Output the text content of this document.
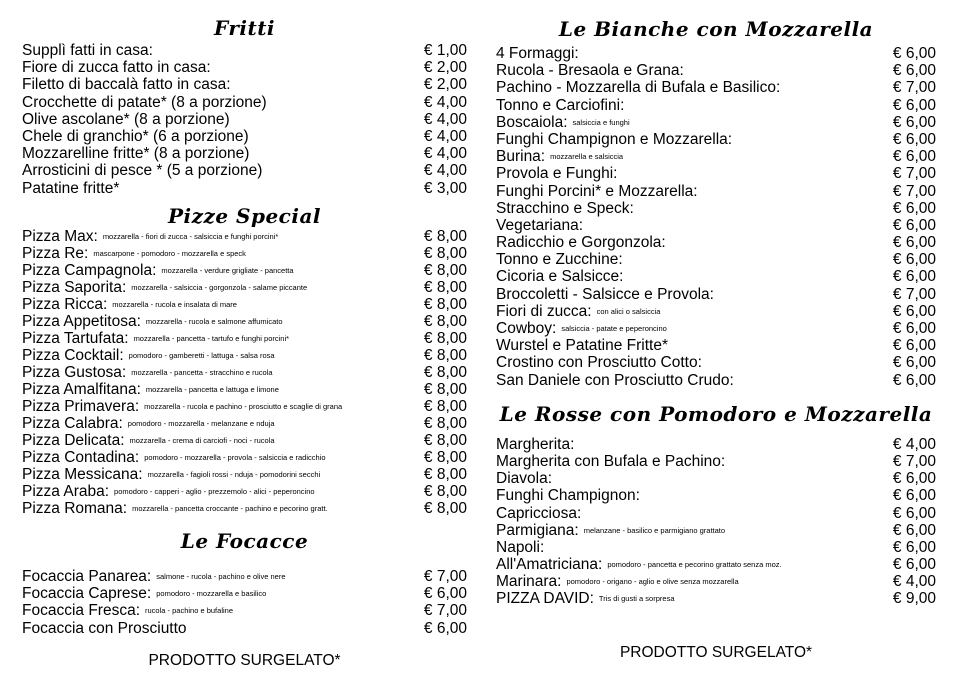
Fritti
Supplì fatti in casa:	€ 1,00
Fiore di zucca fatto in casa:	€ 2,00
Filetto di baccalà fatto in casa:	€ 2,00
Crocchette di patate* (8 a porzione)	€ 4,00
Olive ascolane* (8 a porzione)	€ 4,00
Chele di granchio* (6 a porzione)	€ 4,00
Mozzarelline fritte* (8 a porzione)	€ 4,00
Arrosticini di pesce * (5 a porzione)	€ 4,00
Patatine fritte*	€ 3,00
Pizze Special
Pizza Max: mozzarella - fiori di zucca - salsiccia e funghi porcini*	€ 8,00
Pizza Re: mascarpone - pomodoro - mozzarella e speck	€ 8,00
Pizza Campagnola: mozzarella - verdure grigliate - pancetta	€ 8,00
Pizza Saporita: mozzarella - salsiccia - gorgonzola - salame piccante	€ 8,00
Pizza Ricca: mozzarella - rucola e insalata di mare	€ 8,00
Pizza Appetitosa: mozzarella - rucola e salmone affumicato	€ 8,00
Pizza Tartufata: mozzarella - pancetta - tartufo e funghi porcini*	€ 8,00
Pizza Cocktail: pomodoro - gamberetti - lattuga - salsa rosa	€ 8,00
Pizza Gustosa: mozzarella - pancetta - stracchino e rucola	€ 8,00
Pizza Amalfitana: mozzarella - pancetta e lattuga e limone	€ 8,00
Pizza Primavera: mozzarella - rucola e pachino - prosciutto e scaglie di grana	€ 8,00
Pizza Calabra: pomodoro - mozzarella - melanzane e nduja	€ 8,00
Pizza Delicata: mozzarella - crema di carciofi - noci - rucola	€ 8,00
Pizza Contadina: pomodoro - mozzarella - provola - salsiccia e radicchio	€ 8,00
Pizza Messicana: mozzarella - fagioli rossi - nduja - pomodorini secchi	€ 8,00
Pizza Araba: pomodoro - capperi - aglio - prezzemolo - alici - peperoncino	€ 8,00
Pizza Romana: mozzarella - pancetta croccante - pachino e pecorino gratt.	€ 8,00
Le Focacce
Focaccia Panarea: salmone - rucola - pachino e olive nere	€ 7,00
Focaccia Caprese: pomodoro - mozzarella e basilico	€ 6,00
Focaccia Fresca: rucola - pachino e bufaline	€ 7,00
Focaccia con Prosciutto	€ 6,00
PRODOTTO SURGELATO*
Le Bianche con Mozzarella
4 Formaggi:	€ 6,00
Rucola - Bresaola e Grana:	€ 6,00
Pachino - Mozzarella di Bufala e Basilico:	€ 7,00
Tonno e Carciofini:	€ 6,00
Boscaiola: salsiccia e funghi	€ 6,00
Funghi Champignon e Mozzarella:	€ 6,00
Burina: mozzarella e salsiccia	€ 6,00
Provola e Funghi:	€ 7,00
Funghi Porcini* e Mozzarella:	€ 7,00
Stracchino e Speck:	€ 6,00
Vegetariana:	€ 6,00
Radicchio e Gorgonzola:	€ 6,00
Tonno e Zucchine:	€ 6,00
Cicoria e Salsicce:	€ 6,00
Broccoletti - Salsicce e Provola:	€ 7,00
Fiori di zucca: con alici o salsiccia	€ 6,00
Cowboy: salsiccia - patate e peperoncino	€ 6,00
Wurstel e Patatine Fritte*	€ 6,00
Crostino con Prosciutto Cotto:	€ 6,00
San Daniele con Prosciutto Crudo:	€ 6,00
Le Rosse con Pomodoro e Mozzarella
Margherita:	€ 4,00
Margherita con Bufala e Pachino:	€ 7,00
Diavola:	€ 6,00
Funghi Champignon:	€ 6,00
Capricciosa:	€ 6,00
Parmigiana: melanzane - basilico e parmigiano grattato	€ 6,00
Napoli:	€ 6,00
All'Amatriciana: pomodoro - pancetta e pecorino grattato senza moz.	€ 6,00
Marinara: pomodoro - origano - aglio e olive senza mozzarella	€ 4,00
PIZZA DAVID: Tris di gusti a sorpresa	€ 9,00
PRODOTTO SURGELATO*
